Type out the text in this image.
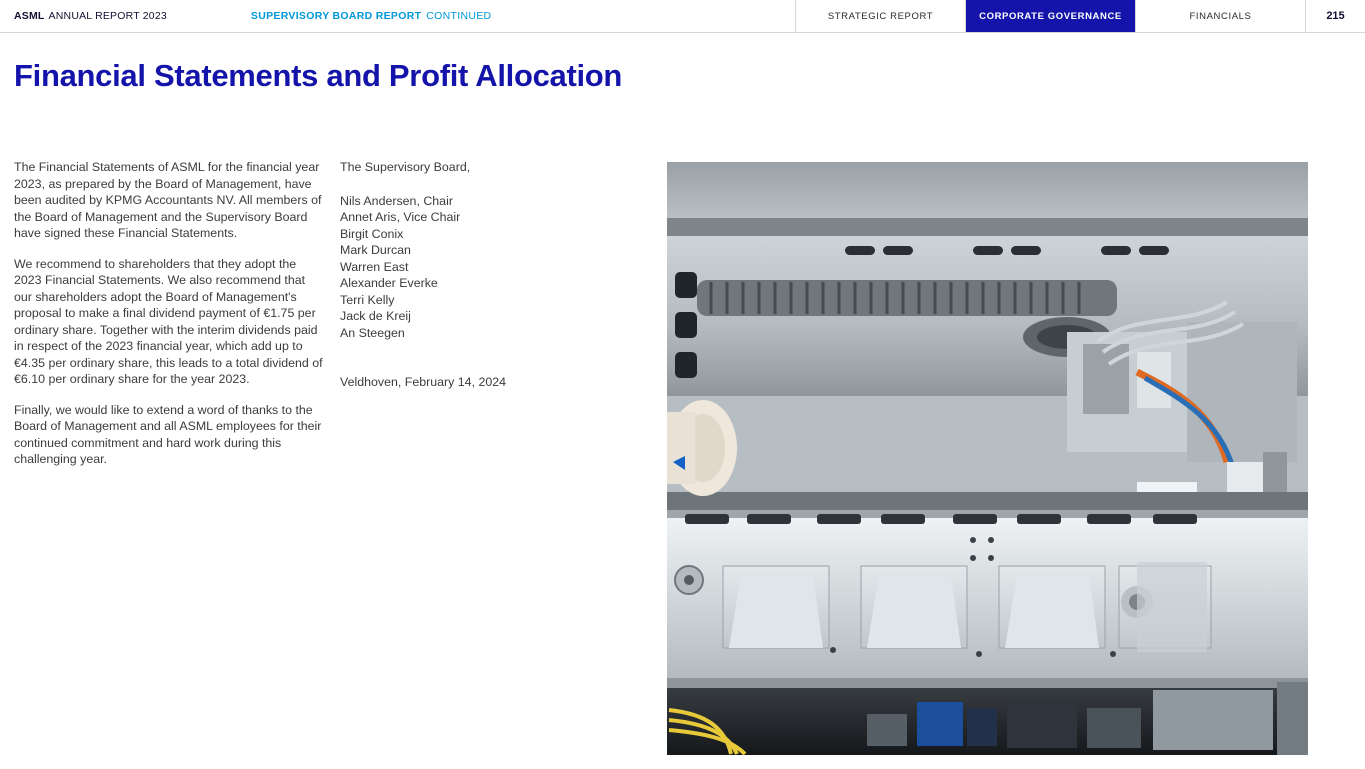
ASML ANNUAL REPORT 2023	SUPERVISORY BOARD REPORT CONTINUED	STRATEGIC REPORT	CORPORATE GOVERNANCE	FINANCIALS	215
Financial Statements and Profit Allocation

The Financial Statements of ASML for the financial year 2023, as prepared by the Board of Management, have been audited by KPMG Accountants NV. All members of the Board of Management and the Supervisory Board have signed these Financial Statements.

We recommend to shareholders that they adopt the 2023 Financial Statements. We also recommend that our shareholders adopt the Board of Management's proposal to make a final dividend payment of €1.75 per ordinary share. Together with the interim dividends paid in respect of the 2023 financial year, which add up to €4.35 per ordinary share, this leads to a total dividend of €6.10 per ordinary share for the year 2023.

Finally, we would like to extend a word of thanks to the Board of Management and all ASML employees for their continued commitment and hard work during this challenging year.

The Supervisory Board,
Nils Andersen, Chair
Annet Aris, Vice Chair
Birgit Conix
Mark Durcan
Warren East
Alexander Everke
Terri Kelly
Jack de Kreij
An Steegen
Veldhoven, February 14, 2024
